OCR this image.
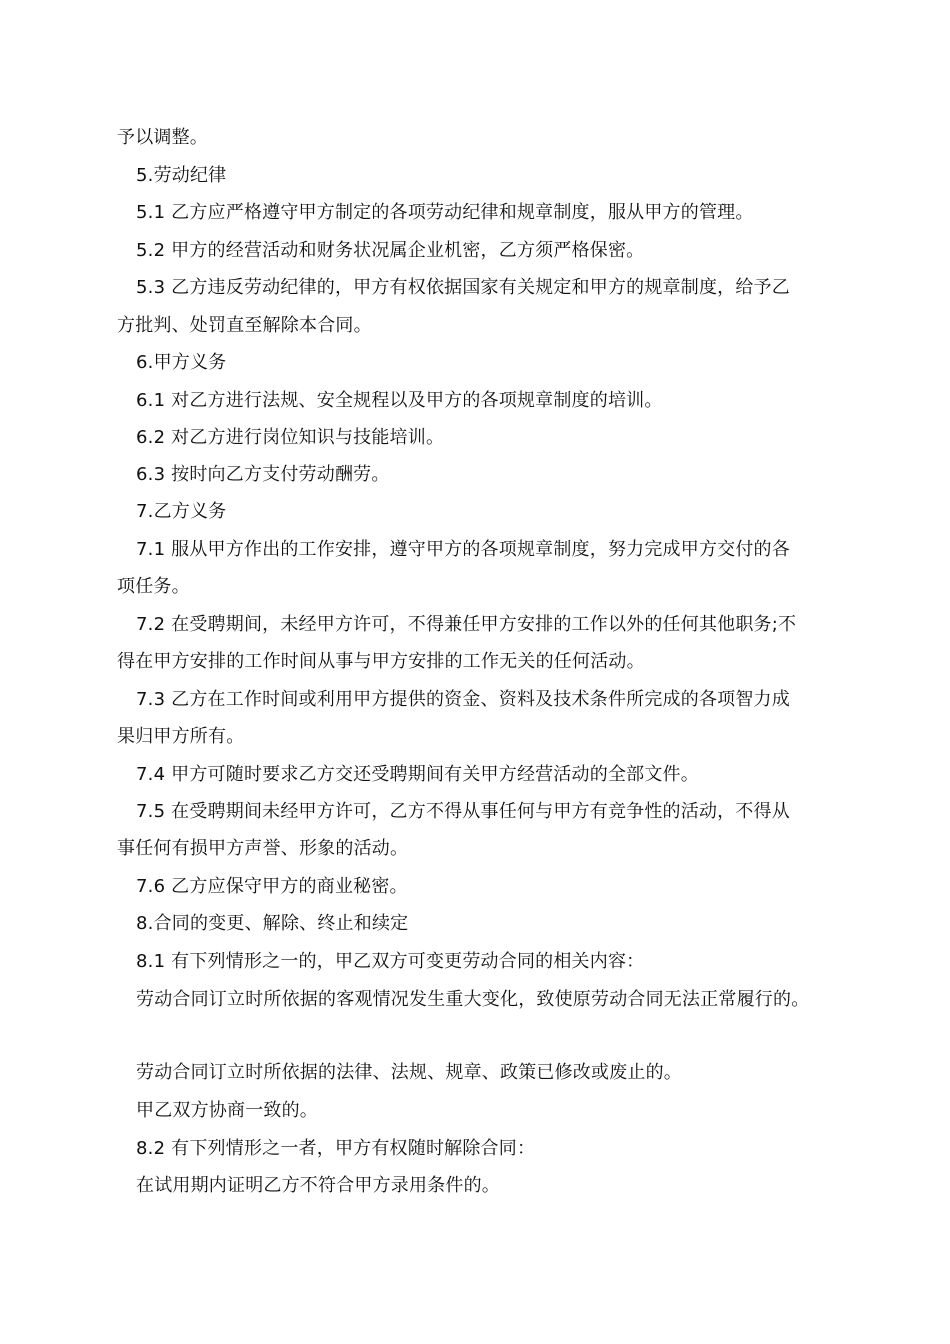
予以调整。
5.劳动纪律
5.1 乙方应严格遵守甲方制定的各项劳动纪律和规章制度，服从甲方的管理。
5.2 甲方的经营活动和财务状况属企业机密，乙方须严格保密。
5.3 乙方违反劳动纪律的，甲方有权依据国家有关规定和甲方的规章制度，给予乙
方批判、处罚直至解除本合同。
6.甲方义务
6.1 对乙方进行法规、安全规程以及甲方的各项规章制度的培训。
6.2 对乙方进行岗位知识与技能培训。
6.3 按时向乙方支付劳动酬劳。
7.乙方义务
7.1 服从甲方作出的工作安排，遵守甲方的各项规章制度，努力完成甲方交付的各
项任务。
7.2 在受聘期间，未经甲方许可，不得兼任甲方安排的工作以外的任何其他职务;不
得在甲方安排的工作时间从事与甲方安排的工作无关的任何活动。
7.3 乙方在工作时间或利用甲方提供的资金、资料及技术条件所完成的各项智力成
果归甲方所有。
7.4 甲方可随时要求乙方交还受聘期间有关甲方经营活动的全部文件。
7.5 在受聘期间未经甲方许可，乙方不得从事任何与甲方有竞争性的活动，不得从
事任何有损甲方声誉、形象的活动。
7.6 乙方应保守甲方的商业秘密。
8.合同的变更、解除、终止和续定
8.1 有下列情形之一的，甲乙双方可变更劳动合同的相关内容：
劳动合同订立时所依据的客观情况发生重大变化，致使原劳动合同无法正常履行的。
劳动合同订立时所依据的法律、法规、规章、政策已修改或废止的。
甲乙双方协商一致的。
8.2 有下列情形之一者，甲方有权随时解除合同：
在试用期内证明乙方不符合甲方录用条件的。
